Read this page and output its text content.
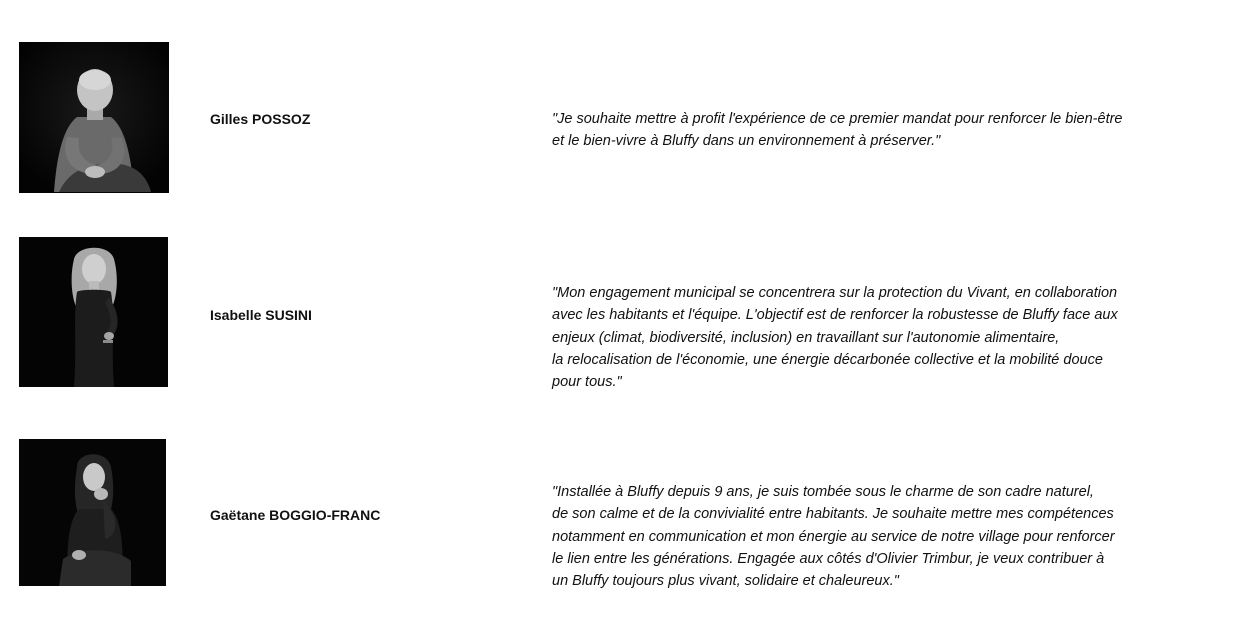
Gilles POSSOZ	"Je souhaite mettre à profit l'expérience de ce premier mandat pour renforcer le bien-être
et le bien-vivre à Bluffy dans un environnement à préserver."

Isabelle SUSINI

"Mon engagement municipal se concentrera sur la protection du Vivant, en collaboration
avec les habitants et l'équipe. L'objectif est de renforcer la robustesse de Bluffy face aux
enjeux (climat, biodiversité, inclusion) en travaillant sur l'autonomie alimentaire,
la relocalisation de l'économie, une énergie décarbonée collective et la mobilité douce
pour tous."

Gaëtane BOGGIO-FRANC

"Installée à Bluffy depuis 9 ans, je suis tombée sous le charme de son cadre naturel,
de son calme et de la convivialité entre habitants. Je souhaite mettre mes compétences
notamment en communication et mon énergie au service de notre village pour renforcer
le lien entre les générations. Engagée aux côtés d'Olivier Trimbur, je veux contribuer à
un Bluffy toujours plus vivant, solidaire et chaleureux."
